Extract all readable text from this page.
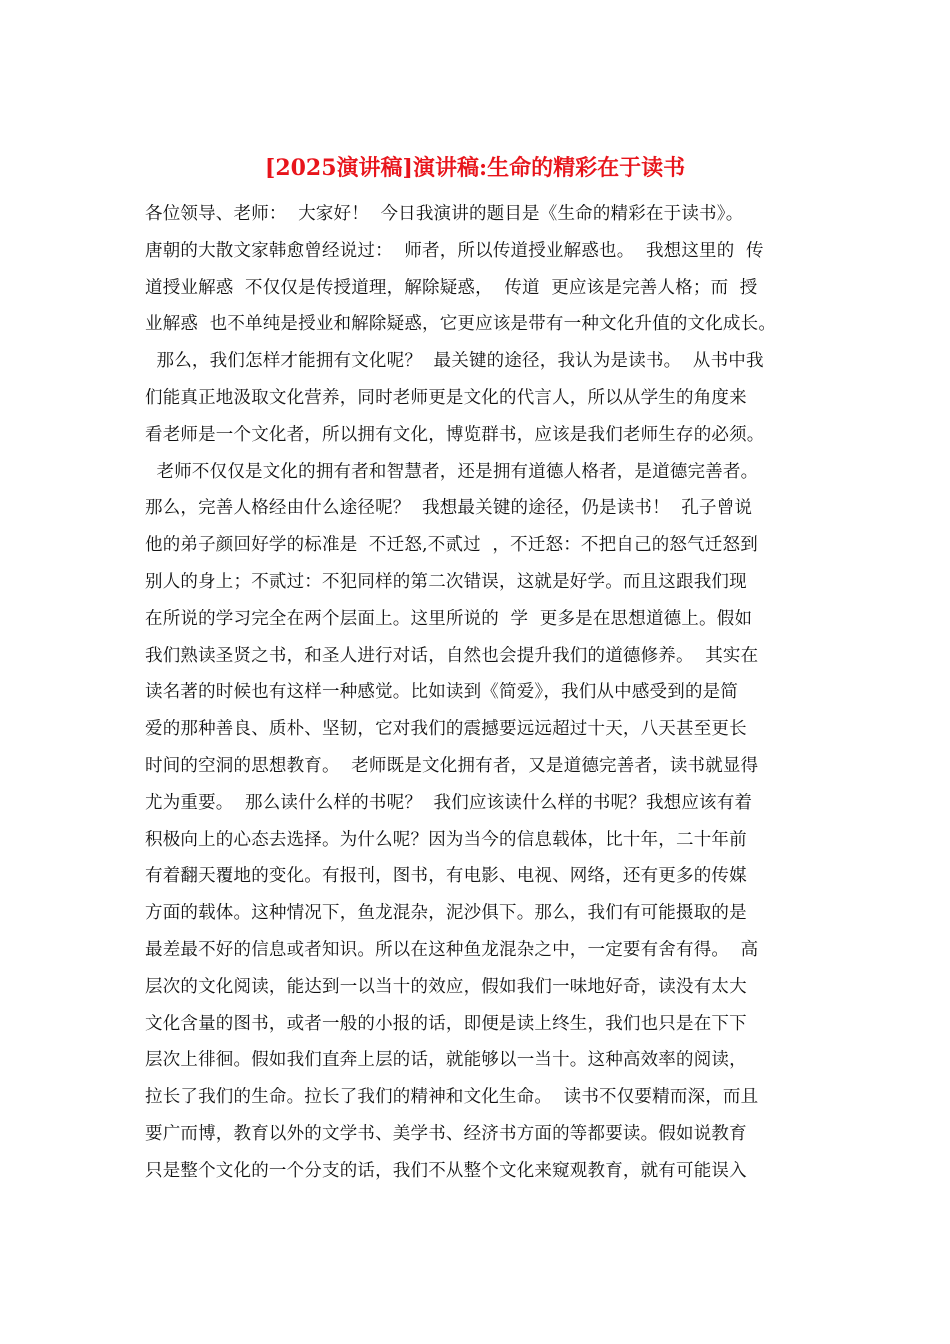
[2025演讲稿]演讲稿:生命的精彩在于读书
各位领导、老师：  大家好！  今日我演讲的题目是《生命的精彩在于读书》。
唐朝的大散文家韩愈曾经说过：  师者，所以传道授业解惑也。  我想这里的  传
道授业解惑  不仅仅是传授道理，解除疑惑，  传道  更应该是完善人格；而  授
业解惑  也不单纯是授业和解除疑惑，它更应该是带有一种文化升值的文化成长。
那么，我们怎样才能拥有文化呢？  最关键的途径，我认为是读书。  从书中我
们能真正地汲取文化营养，同时老师更是文化的代言人，所以从学生的角度来
看老师是一个文化者，所以拥有文化，博览群书，应该是我们老师生存的必须。
老师不仅仅是文化的拥有者和智慧者，还是拥有道德人格者，是道德完善者。
那么，完善人格经由什么途径呢？  我想最关键的途径，仍是读书！  孔子曾说
他的弟子颜回好学的标准是  不迁怒,不贰过  ，不迁怒：不把自己的怒气迁怒到
别人的身上；不贰过：不犯同样的第二次错误，这就是好学。而且这跟我们现
在所说的学习完全在两个层面上。这里所说的  学  更多是在思想道德上。假如
我们熟读圣贤之书，和圣人进行对话，自然也会提升我们的道德修养。  其实在
读名著的时候也有这样一种感觉。比如读到《简爱》，我们从中感受到的是简
爱的那种善良、质朴、坚韧，它对我们的震撼要远远超过十天，八天甚至更长
时间的空洞的思想教育。  老师既是文化拥有者，又是道德完善者，读书就显得
尤为重要。  那么读什么样的书呢？  我们应该读什么样的书呢？我想应该有着
积极向上的心态去选择。为什么呢？因为当今的信息载体，比十年，二十年前
有着翻天覆地的变化。有报刊，图书，有电影、电视、网络，还有更多的传媒
方面的载体。这种情况下，鱼龙混杂，泥沙俱下。那么，我们有可能摄取的是
最差最不好的信息或者知识。所以在这种鱼龙混杂之中，一定要有舍有得。  高
层次的文化阅读，能达到一以当十的效应，假如我们一味地好奇，读没有太大
文化含量的图书，或者一般的小报的话，即便是读上终生，我们也只是在下下
层次上徘徊。假如我们直奔上层的话，就能够以一当十。这种高效率的阅读，
拉长了我们的生命。拉长了我们的精神和文化生命。  读书不仅要精而深，而且
要广而博，教育以外的文学书、美学书、经济书方面的等都要读。假如说教育
只是整个文化的一个分支的话，我们不从整个文化来窥观教育，就有可能误入
